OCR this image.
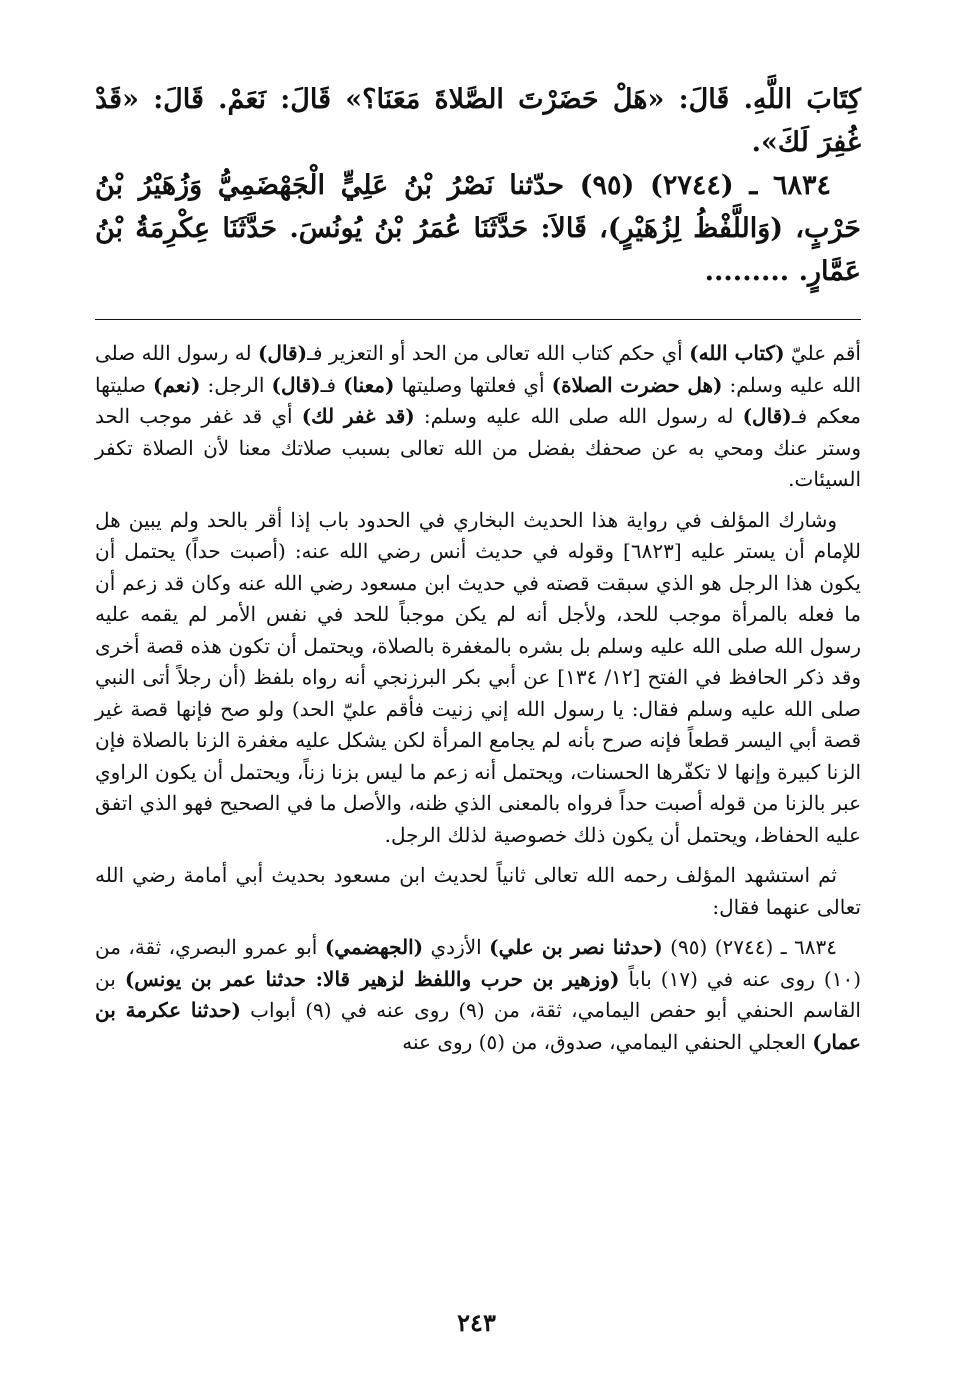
كِتَابَ اللَّهِ. قَالَ: «هَلْ حَضَرْتَ الصَّلاةَ مَعَنَا؟» قَالَ: نَعَمْ. قَالَ: «قَدْ غُفِرَ لَكَ».

٦٨٣٤ ـ (٢٧٤٤) (٩٥) حدّثنا نَصْرُ بْنُ عَلِيٍّ الْجَهْضَمِيُّ وَزُهَيْرُ بْنُ حَرْبٍ، (وَاللَّفْظُ لِزُهَيْرٍ)، قَالاَ: حَدَّثَنَا عُمَرُ بْنُ يُونُسَ. حَدَّثَنَا عِكْرِمَةُ بْنُ عَمَّارٍ. .........

أقم عليّ (كتاب الله) أي حكم كتاب الله تعالى من الحد أو التعزير فـ(قال) له رسول الله صلى الله عليه وسلم: (هل حضرت الصلاة) أي فعلتها وصليتها (معنا) فـ(قال) الرجل: (نعم) صليتها معكم فـ(قال) له رسول الله صلى الله عليه وسلم: (قد غفر لك) أي قد غفر موجب الحد وستر عنك ومحي به عن صحفك بفضل من الله تعالى بسبب صلاتك معنا لأن الصلاة تكفر السيئات.

وشارك المؤلف في رواية هذا الحديث البخاري في الحدود باب إذا أقر بالحد ولم يبين هل للإمام أن يستر عليه [٦٨٢٣] وقوله في حديث أنس رضي الله عنه: (أصبت حداً) يحتمل أن يكون هذا الرجل هو الذي سبقت قصته في حديث ابن مسعود رضي الله عنه وكان قد زعم أن ما فعله بالمرأة موجب للحد، ولأجل أنه لم يكن موجباً للحد في نفس الأمر لم يقمه عليه رسول الله صلى الله عليه وسلم بل بشره بالمغفرة بالصلاة، ويحتمل أن تكون هذه قصة أخرى وقد ذكر الحافظ في الفتح [١٢/ ١٣٤] عن أبي بكر البرزنجي أنه رواه بلفظ (أن رجلاً أتى النبي صلى الله عليه وسلم فقال: يا رسول الله إني زنيت فأقم عليّ الحد) ولو صح فإنها قصة غير قصة أبي اليسر قطعاً فإنه صرح بأنه لم يجامع المرأة لكن يشكل عليه مغفرة الزنا بالصلاة فإن الزنا كبيرة وإنها لا تكفّرها الحسنات، ويحتمل أنه زعم ما ليس بزنا زناً، ويحتمل أن يكون الراوي عبر بالزنا من قوله أصبت حداً فرواه بالمعنى الذي ظنه، والأصل ما في الصحيح فهو الذي اتفق عليه الحفاظ، ويحتمل أن يكون ذلك خصوصية لذلك الرجل.

ثم استشهد المؤلف رحمه الله تعالى ثانياً لحديث ابن مسعود بحديث أبي أمامة رضي الله تعالى عنهما فقال:

٦٨٣٤ ـ (٢٧٤٤) (٩٥) (حدثنا نصر بن علي) الأزدي (الجهضمي) أبو عمرو البصري، ثقة، من (١٠) روى عنه في (١٧) باباً (وزهير بن حرب واللفظ لزهير قالا: حدثنا عمر بن يونس) بن القاسم الحنفي أبو حفص اليمامي، ثقة، من (٩) روى عنه في (٩) أبواب (حدثنا عكرمة بن عمار) العجلي الحنفي اليمامي، صدوق، من (٥) روى عنه

٢٤٣
